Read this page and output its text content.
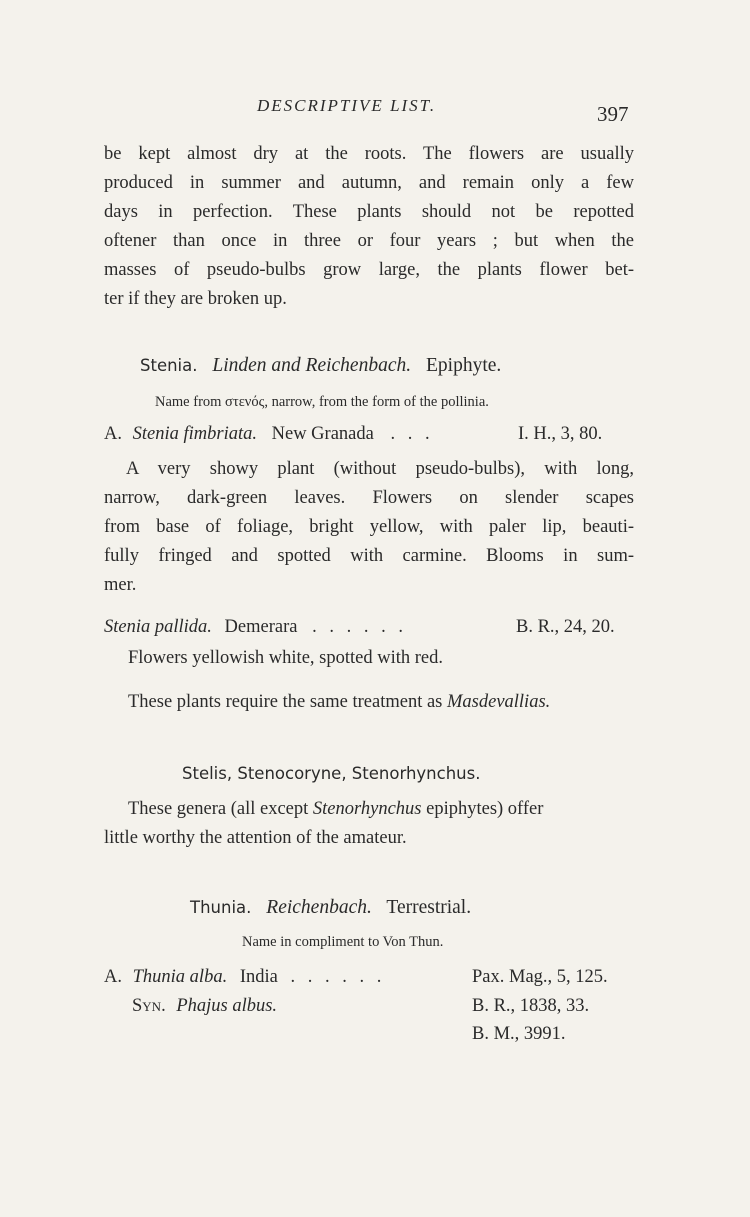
DESCRIPTIVE LIST.	397
be kept almost dry at the roots. The flowers are usually
produced in summer and autumn, and remain only a few
days in perfection. These plants should not be repotted
oftener than once in three or four years ; but when the
masses of pseudo-bulbs grow large, the plants flower bet-
ter if they are broken up.
Stenia. Linden and Reichenbach. Epiphyte.
Name from στενός, narrow, from the form of the pollinia.
A. Stenia fimbriata. New Granada . . .	I. H., 3, 80.
A very showy plant (without pseudo-bulbs), with long,
narrow, dark-green leaves. Flowers on slender scapes
from base of foliage, bright yellow, with paler lip, beauti-
fully fringed and spotted with carmine. Blooms in sum-
mer.
Stenia pallida. Demerara . . . . . .	B. R., 24, 20.
Flowers yellowish white, spotted with red.
These plants require the same treatment as Masdevallias.
Stelis, Stenocoryne, Stenorhynchus.
These genera (all except Stenorhynchus epiphytes) offer
little worthy the attention of the amateur.
Thunia. Reichenbach. Terrestrial.
Name in compliment to Von Thun.
A. Thunia alba. India . . . . . .	Pax. Mag., 5, 125.
Syn. Phajus albus.	B. R., 1838, 33.
B. M., 3991.
